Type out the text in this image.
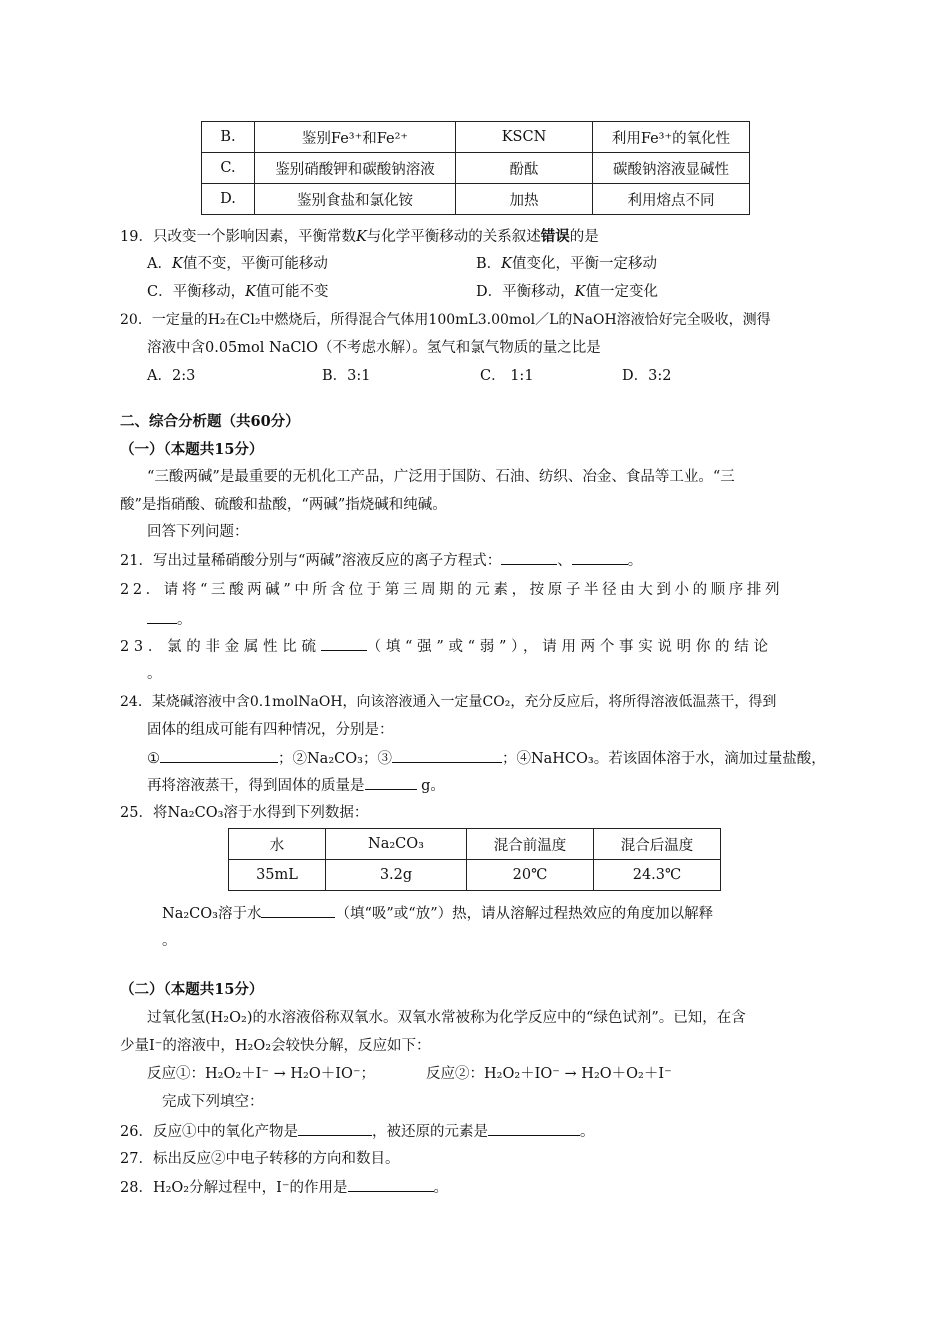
B.	鉴别Fe³⁺和Fe²⁺	KSCN	利用Fe³⁺的氧化性
C.	鉴别硝酸钾和碳酸钠溶液	酚酞	碳酸钠溶液显碱性
D.	鉴别食盐和氯化铵	加热	利用熔点不同
19．只改变一个影响因素，平衡常数K与化学平衡移动的关系叙述错误的是
A．K值不变，平衡可能移动	B．K值变化，平衡一定移动
C．平衡移动，K值可能不变	D．平衡移动，K值一定变化
20．一定量的H₂在Cl₂中燃烧后，所得混合气体用100mL3.00mol／L的NaOH溶液恰好完全吸收，测得
溶液中含0.05mol NaClO（不考虑水解）。氢气和氯气物质的量之比是
A．2:3	B．3:1	C． 1:1	D．3:2
二、综合分析题（共60分）
（一）（本题共15分）
“三酸两碱”是最重要的无机化工产品，广泛用于国防、石油、纺织、冶金、食品等工业。“三
酸”是指硝酸、硫酸和盐酸，“两碱”指烧碱和纯碱。
回答下列问题：
21．写出过量稀硝酸分别与“两碱”溶液反应的离子方程式：	、	。
22．请将“三酸两碱”中所含位于第三周期的元素，按原子半径由大到小的顺序排列
。
23．氯的非金属性比硫	（填“强”或“弱”），请用两个事实说明你的结论
。
24．某烧碱溶液中含0.1molNaOH，向该溶液通入一定量CO₂，充分反应后，将所得溶液低温蒸干，得到
固体的组成可能有四种情况，分别是：
①	；②Na₂CO₃；③	；④NaHCO₃。若该固体溶于水，滴加过量盐酸，
再将溶液蒸干，得到固体的质量是	g。
25．将Na₂CO₃溶于水得到下列数据：
水	Na₂CO₃	混合前温度	混合后温度
35mL	3.2g	20℃	24.3℃
Na₂CO₃溶于水	（填“吸”或“放”）热，请从溶解过程热效应的角度加以解释
。
（二）（本题共15分）
过氧化氢(H₂O₂)的水溶液俗称双氧水。双氧水常被称为化学反应中的“绿色试剂”。已知，在含
少量I⁻的溶液中，H₂O₂会较快分解，反应如下：
反应①：H₂O₂＋I⁻ → H₂O＋IO⁻；	反应②：H₂O₂＋IO⁻ → H₂O＋O₂＋I⁻
完成下列填空：
26．反应①中的氧化产物是	，被还原的元素是	。
27．标出反应②中电子转移的方向和数目。
28．H₂O₂分解过程中，I⁻的作用是	。
